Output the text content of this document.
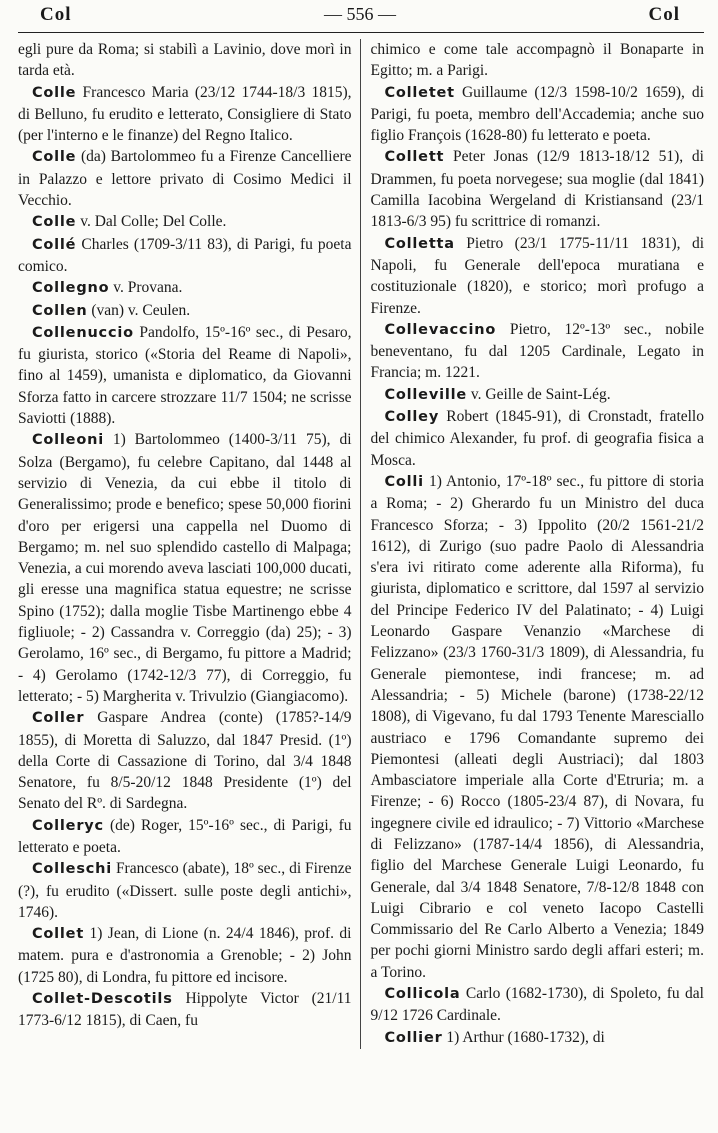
Col	— 556 —	Col

egli pure da Roma; si stabilì a Lavinio, dove morì in tarda età.

Colle Francesco Maria (23/12 1744-18/3 1815), di Belluno, fu erudito e letterato, Consigliere di Stato (per l'interno e le finanze) del Regno Italico.

Colle (da) Bartolommeo fu a Firenze Cancelliere in Palazzo e lettore privato di Cosimo Medici il Vecchio.

Colle v. Dal Colle; Del Colle.

Collé Charles (1709-3/11 83), di Parigi, fu poeta comico.

Collegno v. Provana.

Collen (van) v. Ceulen.

Collenuccio Pandolfo, 15º-16º sec., di Pesaro, fu giurista, storico («Storia del Reame di Napoli», fino al 1459), umanista e diplomatico, da Giovanni Sforza fatto in carcere strozzare 11/7 1504; ne scrisse Saviotti (1888).

Colleoni 1) Bartolommeo (1400-3/11 75), di Solza (Bergamo), fu celebre Capitano, dal 1448 al servizio di Venezia, da cui ebbe il titolo di Generalissimo; prode e benefico; spese 50,000 fiorini d'oro per erigersi una cappella nel Duomo di Bergamo; m. nel suo splendido castello di Malpaga; Venezia, a cui morendo aveva lasciati 100,000 ducati, gli eresse una magnifica statua equestre; ne scrisse Spino (1752); dalla moglie Tisbe Martinengo ebbe 4 figliuole; - 2) Cassandra v. Correggio (da) 25); - 3) Gerolamo, 16º sec., di Bergamo, fu pittore a Madrid; - 4) Gerolamo (1742-12/3 77), di Correggio, fu letterato; - 5) Margherita v. Trivulzio (Giangiacomo).

Coller Gaspare Andrea (conte) (1785?-14/9 1855), di Moretta di Saluzzo, dal 1847 Presid. (1º) della Corte di Cassazione di Torino, dal 3/4 1848 Senatore, fu 8/5-20/12 1848 Presidente (1º) del Senato del Rº. di Sardegna.

Colleryc (de) Roger, 15º-16º sec., di Parigi, fu letterato e poeta.

Colleschi Francesco (abate), 18º sec., di Firenze (?), fu erudito («Dissert. sulle poste degli antichi», 1746).

Collet 1) Jean, di Lione (n. 24/4 1846), prof. di matem. pura e d'astronomia a Grenoble; - 2) John (1725 80), di Londra, fu pittore ed incisore.

Collet-Descotils Hippolyte Victor (21/11 1773-6/12 1815), di Caen, fu

chimico e come tale accompagnò il Bonaparte in Egitto; m. a Parigi.

Colletet Guillaume (12/3 1598-10/2 1659), di Parigi, fu poeta, membro dell'Accademia; anche suo figlio François (1628-80) fu letterato e poeta.

Collett Peter Jonas (12/9 1813-18/12 51), di Drammen, fu poeta norvegese; sua moglie (dal 1841) Camilla Iacobina Wergeland di Kristiansand (23/1 1813-6/3 95) fu scrittrice di romanzi.

Colletta Pietro (23/1 1775-11/11 1831), di Napoli, fu Generale dell'epoca muratiana e costituzionale (1820), e storico; morì profugo a Firenze.

Collevaccino Pietro, 12º-13º sec., nobile beneventano, fu dal 1205 Cardinale, Legato in Francia; m. 1221.

Colleville v. Geille de Saint-Lég.

Colley Robert (1845-91), di Cronstadt, fratello del chimico Alexander, fu prof. di geografia fisica a Mosca.

Colli 1) Antonio, 17º-18º sec., fu pittore di storia a Roma; - 2) Gherardo fu un Ministro del duca Francesco Sforza; - 3) Ippolito (20/2 1561-21/2 1612), di Zurigo (suo padre Paolo di Alessandria s'era ivi ritirato come aderente alla Riforma), fu giurista, diplomatico e scrittore, dal 1597 al servizio del Principe Federico IV del Palatinato; - 4) Luigi Leonardo Gaspare Venanzio «Marchese di Felizzano» (23/3 1760-31/3 1809), di Alessandria, fu Generale piemontese, indi francese; m. ad Alessandria; - 5) Michele (barone) (1738-22/12 1808), di Vigevano, fu dal 1793 Tenente Maresciallo austriaco e 1796 Comandante supremo dei Piemontesi (alleati degli Austriaci); dal 1803 Ambasciatore imperiale alla Corte d'Etruria; m. a Firenze; - 6) Rocco (1805-23/4 87), di Novara, fu ingegnere civile ed idraulico; - 7) Vittorio «Marchese di Felizzano» (1787-14/4 1856), di Alessandria, figlio del Marchese Generale Luigi Leonardo, fu Generale, dal 3/4 1848 Senatore, 7/8-12/8 1848 con Luigi Cibrario e col veneto Iacopo Castelli Commissario del Re Carlo Alberto a Venezia; 1849 per pochi giorni Ministro sardo degli affari esteri; m. a Torino.

Collicola Carlo (1682-1730), di Spoleto, fu dal 9/12 1726 Cardinale.

Collier 1) Arthur (1680-1732), di
